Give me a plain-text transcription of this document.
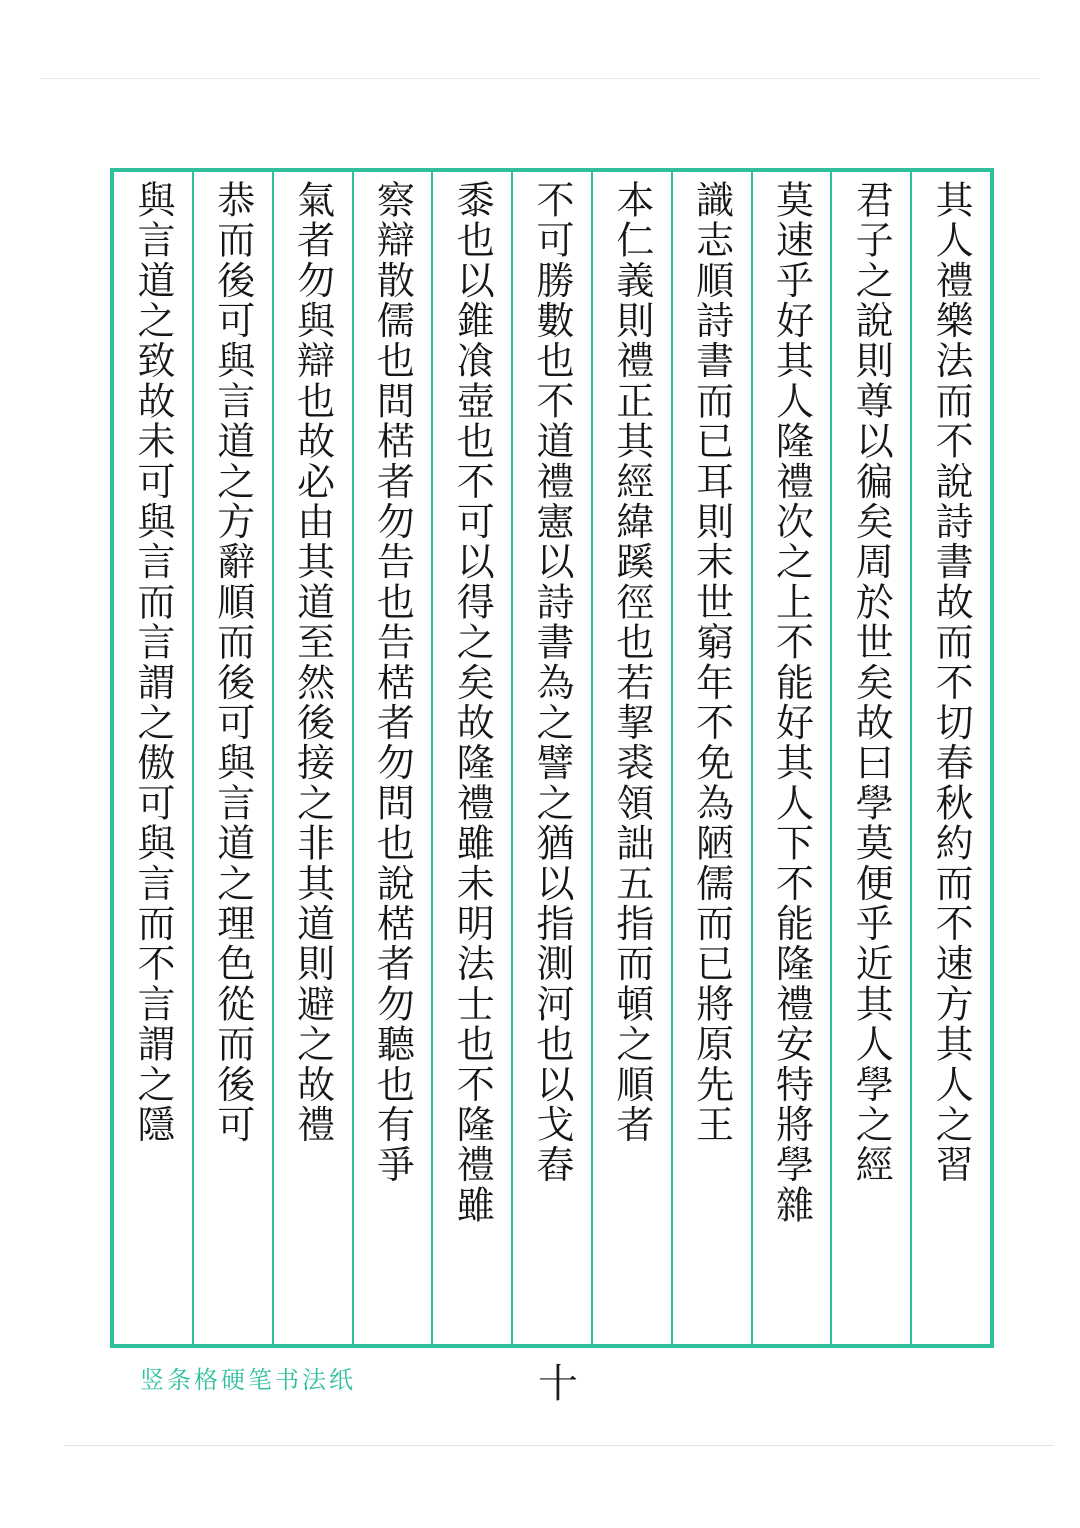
其人禮樂法而不說詩書故而不切春秋約而不速方其人之習
君子之說則尊以徧矣周於世矣故曰學莫便乎近其人學之經
莫速乎好其人隆禮次之上不能好其人下不能隆禮安特將學雜
識志順詩書而已耳則末世窮年不免為陋儒而已將原先王
本仁義則禮正其經緯蹊徑也若挈裘領詘五指而頓之順者
不可勝數也不道禮憲以詩書為之譬之猶以指測河也以戈舂
黍也以錐飡壺也不可以得之矣故隆禮雖未明法士也不隆禮雖
察辯散儒也問楛者勿告也告楛者勿問也說楛者勿聽也有爭
氣者勿與辯也故必由其道至然後接之非其道則避之故禮
恭而後可與言道之方辭順而後可與言道之理色從而後可
與言道之致故未可與言而言謂之傲可與言而不言謂之隱
竖条格硬笔书法纸	十
